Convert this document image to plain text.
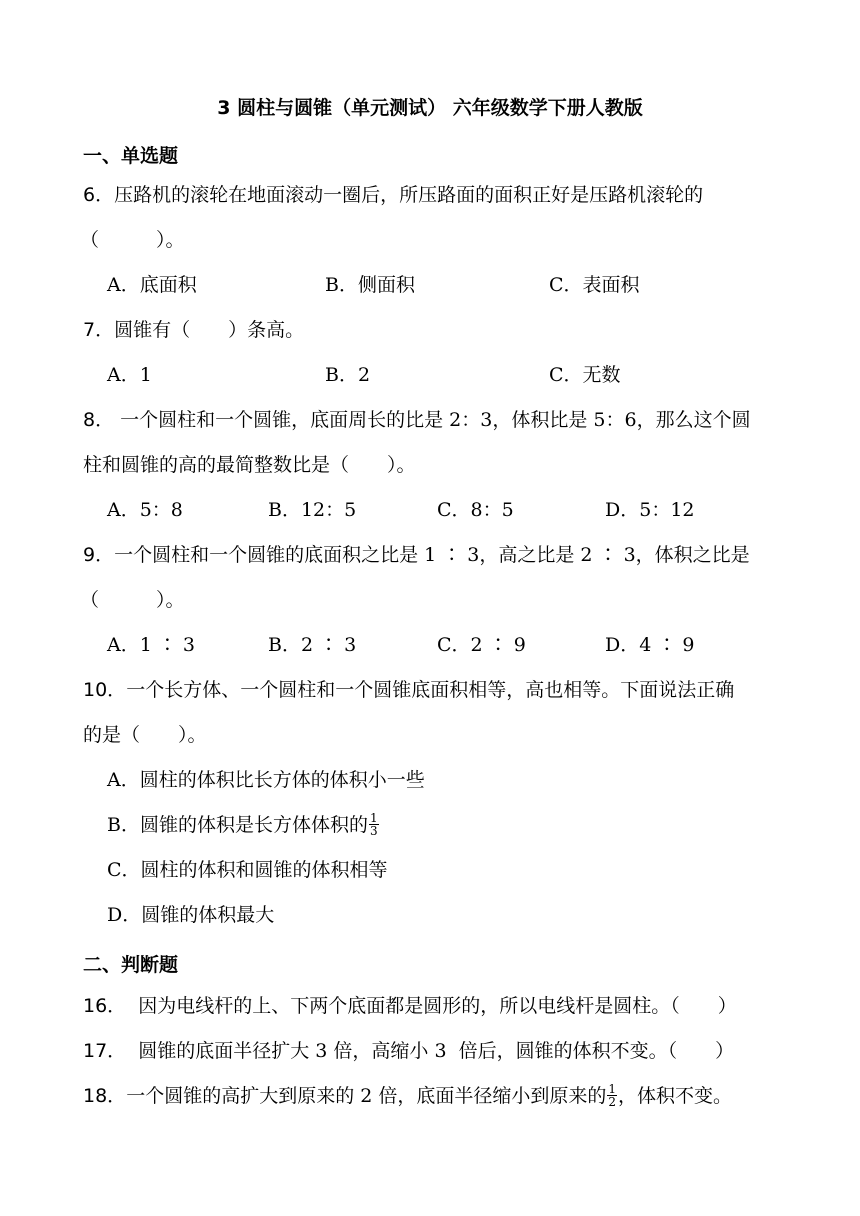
3 圆柱与圆锥（单元测试） 六年级数学下册人教版
一、单选题
6．压路机的滚轮在地面滚动一圈后，所压路面的面积正好是压路机滚轮的
（　　　）。
A．底面积	B．侧面积	C．表面积
7．圆锥有（　　）条高。
A．1	B．2	C．无数
8． 一个圆柱和一个圆锥，底面周长的比是 2：3，体积比是 5：6，那么这个圆
柱和圆锥的高的最简整数比是（　　）。
A．5：8	B．12：5	C．8：5	D．5：12
9．一个圆柱和一个圆锥的底面积之比是 1 ∶ 3，高之比是 2 ∶ 3，体积之比是
（　　　）。
A．1 ∶ 3	B．2 ∶ 3	C．2 ∶ 9	D．4 ∶ 9
10．一个长方体、一个圆柱和一个圆锥底面积相等，高也相等。下面说法正确
的是（　　）。
A．圆柱的体积比长方体的体积小一些
B．圆锥的体积是长方体体积的 $\frac{1}{3}$
C．圆柱的体积和圆锥的体积相等
D．圆锥的体积最大
二、判断题
16．  因为电线杆的上、下两个底面都是圆形的，所以电线杆是圆柱。（　　）
17．  圆锥的底面半径扩大 3 倍，高缩小 3  倍后，圆锥的体积不变。（　　）
18．一个圆锥的高扩大到原来的 2 倍，底面半径缩小到原来的 $\frac{1}{2}$ ，体积不变。
